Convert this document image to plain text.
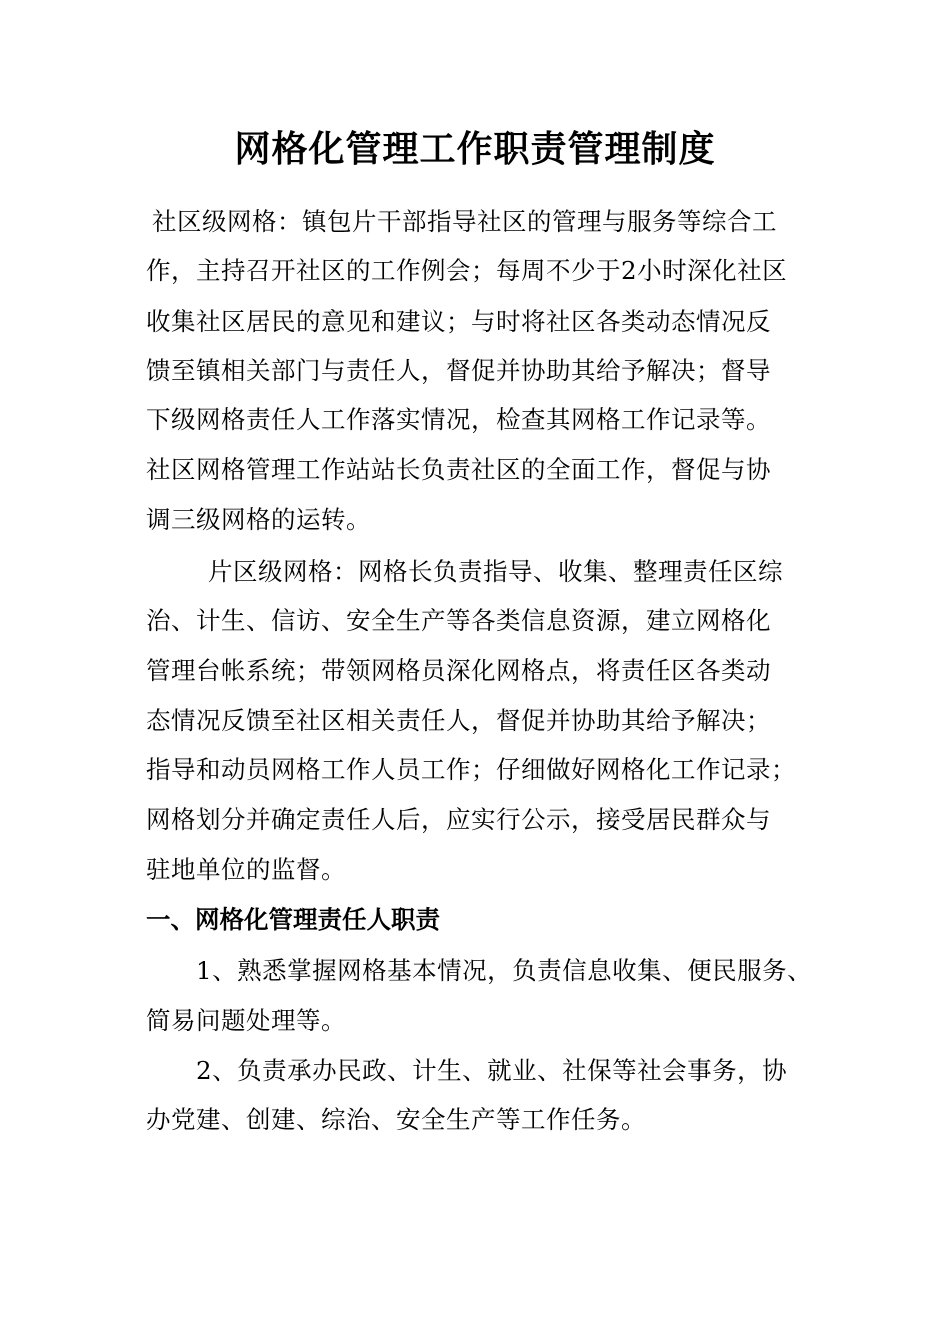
网格化管理工作职责管理制度
社区级网格：镇包片干部指导社区的管理与服务等综合工
作，主持召开社区的工作例会；每周不少于2小时深化社区
收集社区居民的意见和建议；与时将社区各类动态情况反
馈至镇相关部门与责任人，督促并协助其给予解决；督导
下级网格责任人工作落实情况，检查其网格工作记录等。
社区网格管理工作站站长负责社区的全面工作，督促与协
调三级网格的运转。
片区级网格：网格长负责指导、收集、整理责任区综
治、计生、信访、安全生产等各类信息资源，建立网格化
管理台帐系统；带领网格员深化网格点，将责任区各类动
态情况反馈至社区相关责任人，督促并协助其给予解决；
指导和动员网格工作人员工作；仔细做好网格化工作记录；
网格划分并确定责任人后，应实行公示，接受居民群众与
驻地单位的监督。
一、网格化管理责任人职责
1、熟悉掌握网格基本情况，负责信息收集、便民服务、
简易问题处理等。
2、负责承办民政、计生、就业、社保等社会事务，协
办党建、创建、综治、安全生产等工作任务。
